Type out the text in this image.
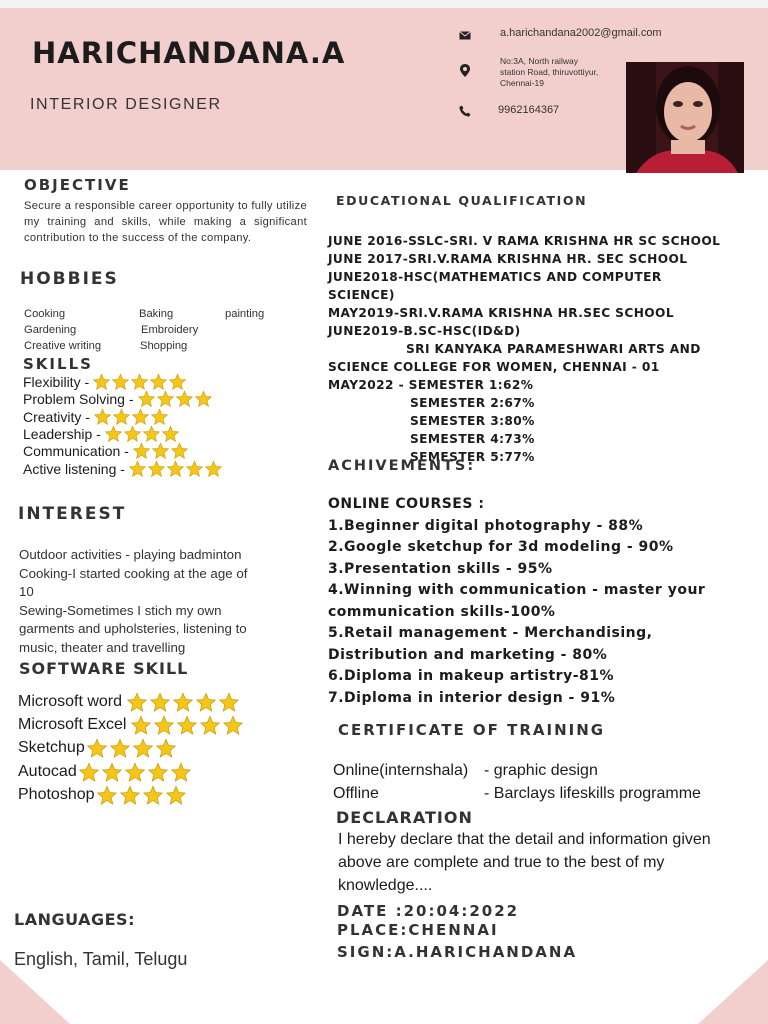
HARICHANDANA.A
INTERIOR DESIGNER
a.harichandana2002@gmail.com
No:3A, North railway
station Road, thiruvottiyur,
Chennai-19
9962164367
OBJECTIVE
Secure a responsible career opportunity to fully utilize my training and skills, while making a significant contribution to the success of the company.
HOBBIES
Cooking	Baking	painting
Gardening	Embroidery
Creative writing	Shopping
SKILLS
Flexibility -
Problem Solving -
Creativity -
Leadership -
Communication -
Active listening -
INTEREST
Outdoor activities - playing badminton
Cooking-I started cooking at the age of
10
Sewing-Sometimes I stich my own
garments and upholsteries, listening to
music, theater and travelling
SOFTWARE SKILL
Microsoft word
Microsoft Excel
Sketchup
Autocad
Photoshop
LANGUAGES:
English, Tamil, Telugu
EDUCATIONAL QUALIFICATION
JUNE 2016-SSLC-SRI. V RAMA KRISHNA HR SC SCHOOL
JUNE 2017-SRI.V.RAMA KRISHNA HR. SEC SCHOOL
JUNE2018-HSC(MATHEMATICS AND COMPUTER
SCIENCE)
MAY2019-SRI.V.RAMA KRISHNA HR.SEC SCHOOL
JUNE2019-B.SC-HSC(ID&D)
SRI KANYAKA PARAMESHWARI ARTS AND
SCIENCE COLLEGE FOR WOMEN, CHENNAI - 01
MAY2022 - SEMESTER 1:62%
SEMESTER 2:67%
SEMESTER 3:80%
SEMESTER 4:73%
SEMESTER 5:77%
ACHIVEMENTS:
ONLINE COURSES :
1.Beginner digital photography - 88%
2.Google sketchup for 3d modeling - 90%
3.Presentation skills - 95%
4.Winning with communication - master your
communication skills-100%
5.Retail management - Merchandising,
Distribution and marketing - 80%
6.Diploma in makeup artistry-81%
7.Diploma in interior design - 91%
CERTIFICATE OF TRAINING
Online(internshala) - graphic design
Offline	- Barclays lifeskills programme
DECLARATION
I hereby declare that the detail and information given above are complete and true to the best of my knowledge....
DATE :20:04:2022
PLACE:CHENNAI
SIGN:A.HARICHANDANA
